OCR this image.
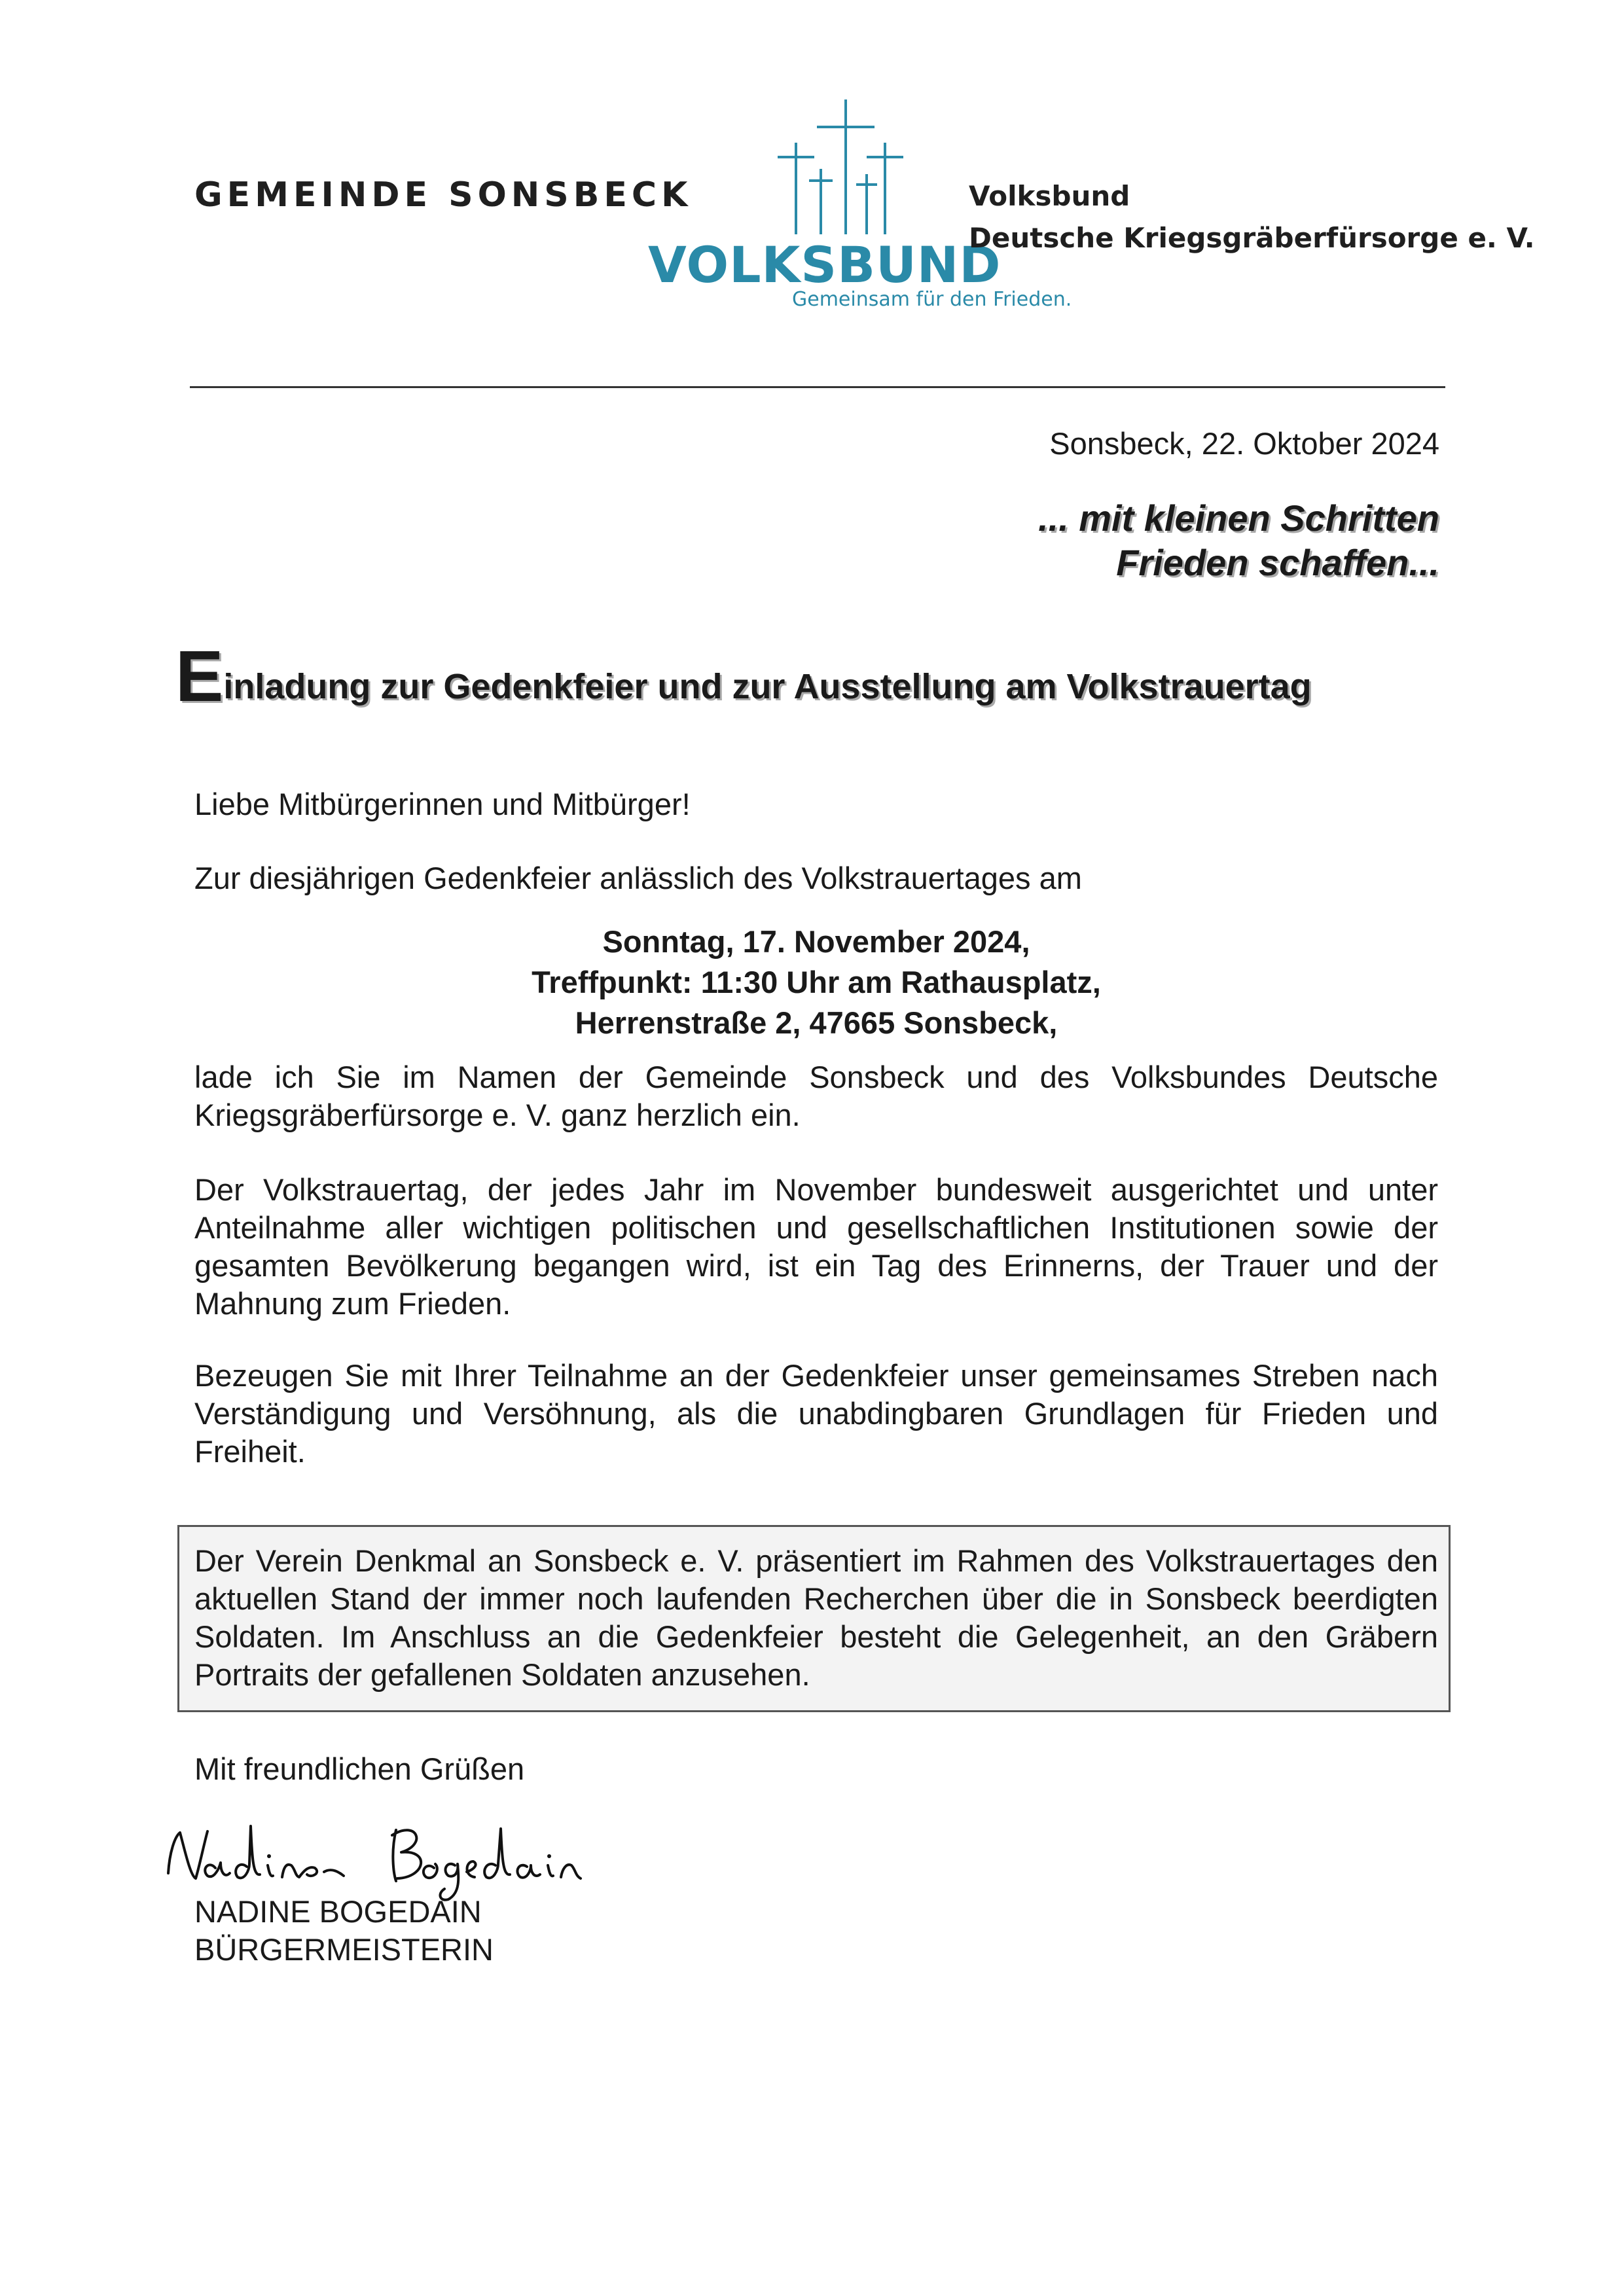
GEMEINDE SONSBECK
VOLKSBUND
Gemeinsam für den Frieden.
Volksbund
Deutsche Kriegsgräberfürsorge e. V.
Sonsbeck, 22. Oktober 2024
... mit kleinen Schritten
Frieden schaffen...
Einladung zur Gedenkfeier und zur Ausstellung am Volkstrauertag
Liebe Mitbürgerinnen und Mitbürger!
Zur diesjährigen Gedenkfeier anlässlich des Volkstrauertages am
Sonntag, 17. November 2024,
Treffpunkt: 11:30 Uhr am Rathausplatz,
Herrenstraße 2, 47665 Sonsbeck,
lade ich Sie im Namen der Gemeinde Sonsbeck und des Volksbundes Deutsche Kriegsgräberfürsorge e. V. ganz herzlich ein.
Der Volkstrauertag, der jedes Jahr im November bundesweit ausgerichtet und unter Anteilnahme aller wichtigen politischen und gesellschaftlichen Institutionen sowie der gesamten Bevölkerung begangen wird, ist ein Tag des Erinnerns, der Trauer und der Mahnung zum Frieden.
Bezeugen Sie mit Ihrer Teilnahme an der Gedenkfeier unser gemeinsames Streben nach Verständigung und Versöhnung, als die unabdingbaren Grundlagen für Frieden und Freiheit.
Der Verein Denkmal an Sonsbeck e. V. präsentiert im Rahmen des Volkstrauertages den aktuellen Stand der immer noch laufenden Recherchen über die in Sonsbeck beerdigten Soldaten. Im Anschluss an die Gedenkfeier besteht die Gelegenheit, an den Gräbern Portraits der gefallenen Soldaten anzusehen.
Mit freundlichen Grüßen
NADINE BOGEDAIN
BÜRGERMEISTERIN
